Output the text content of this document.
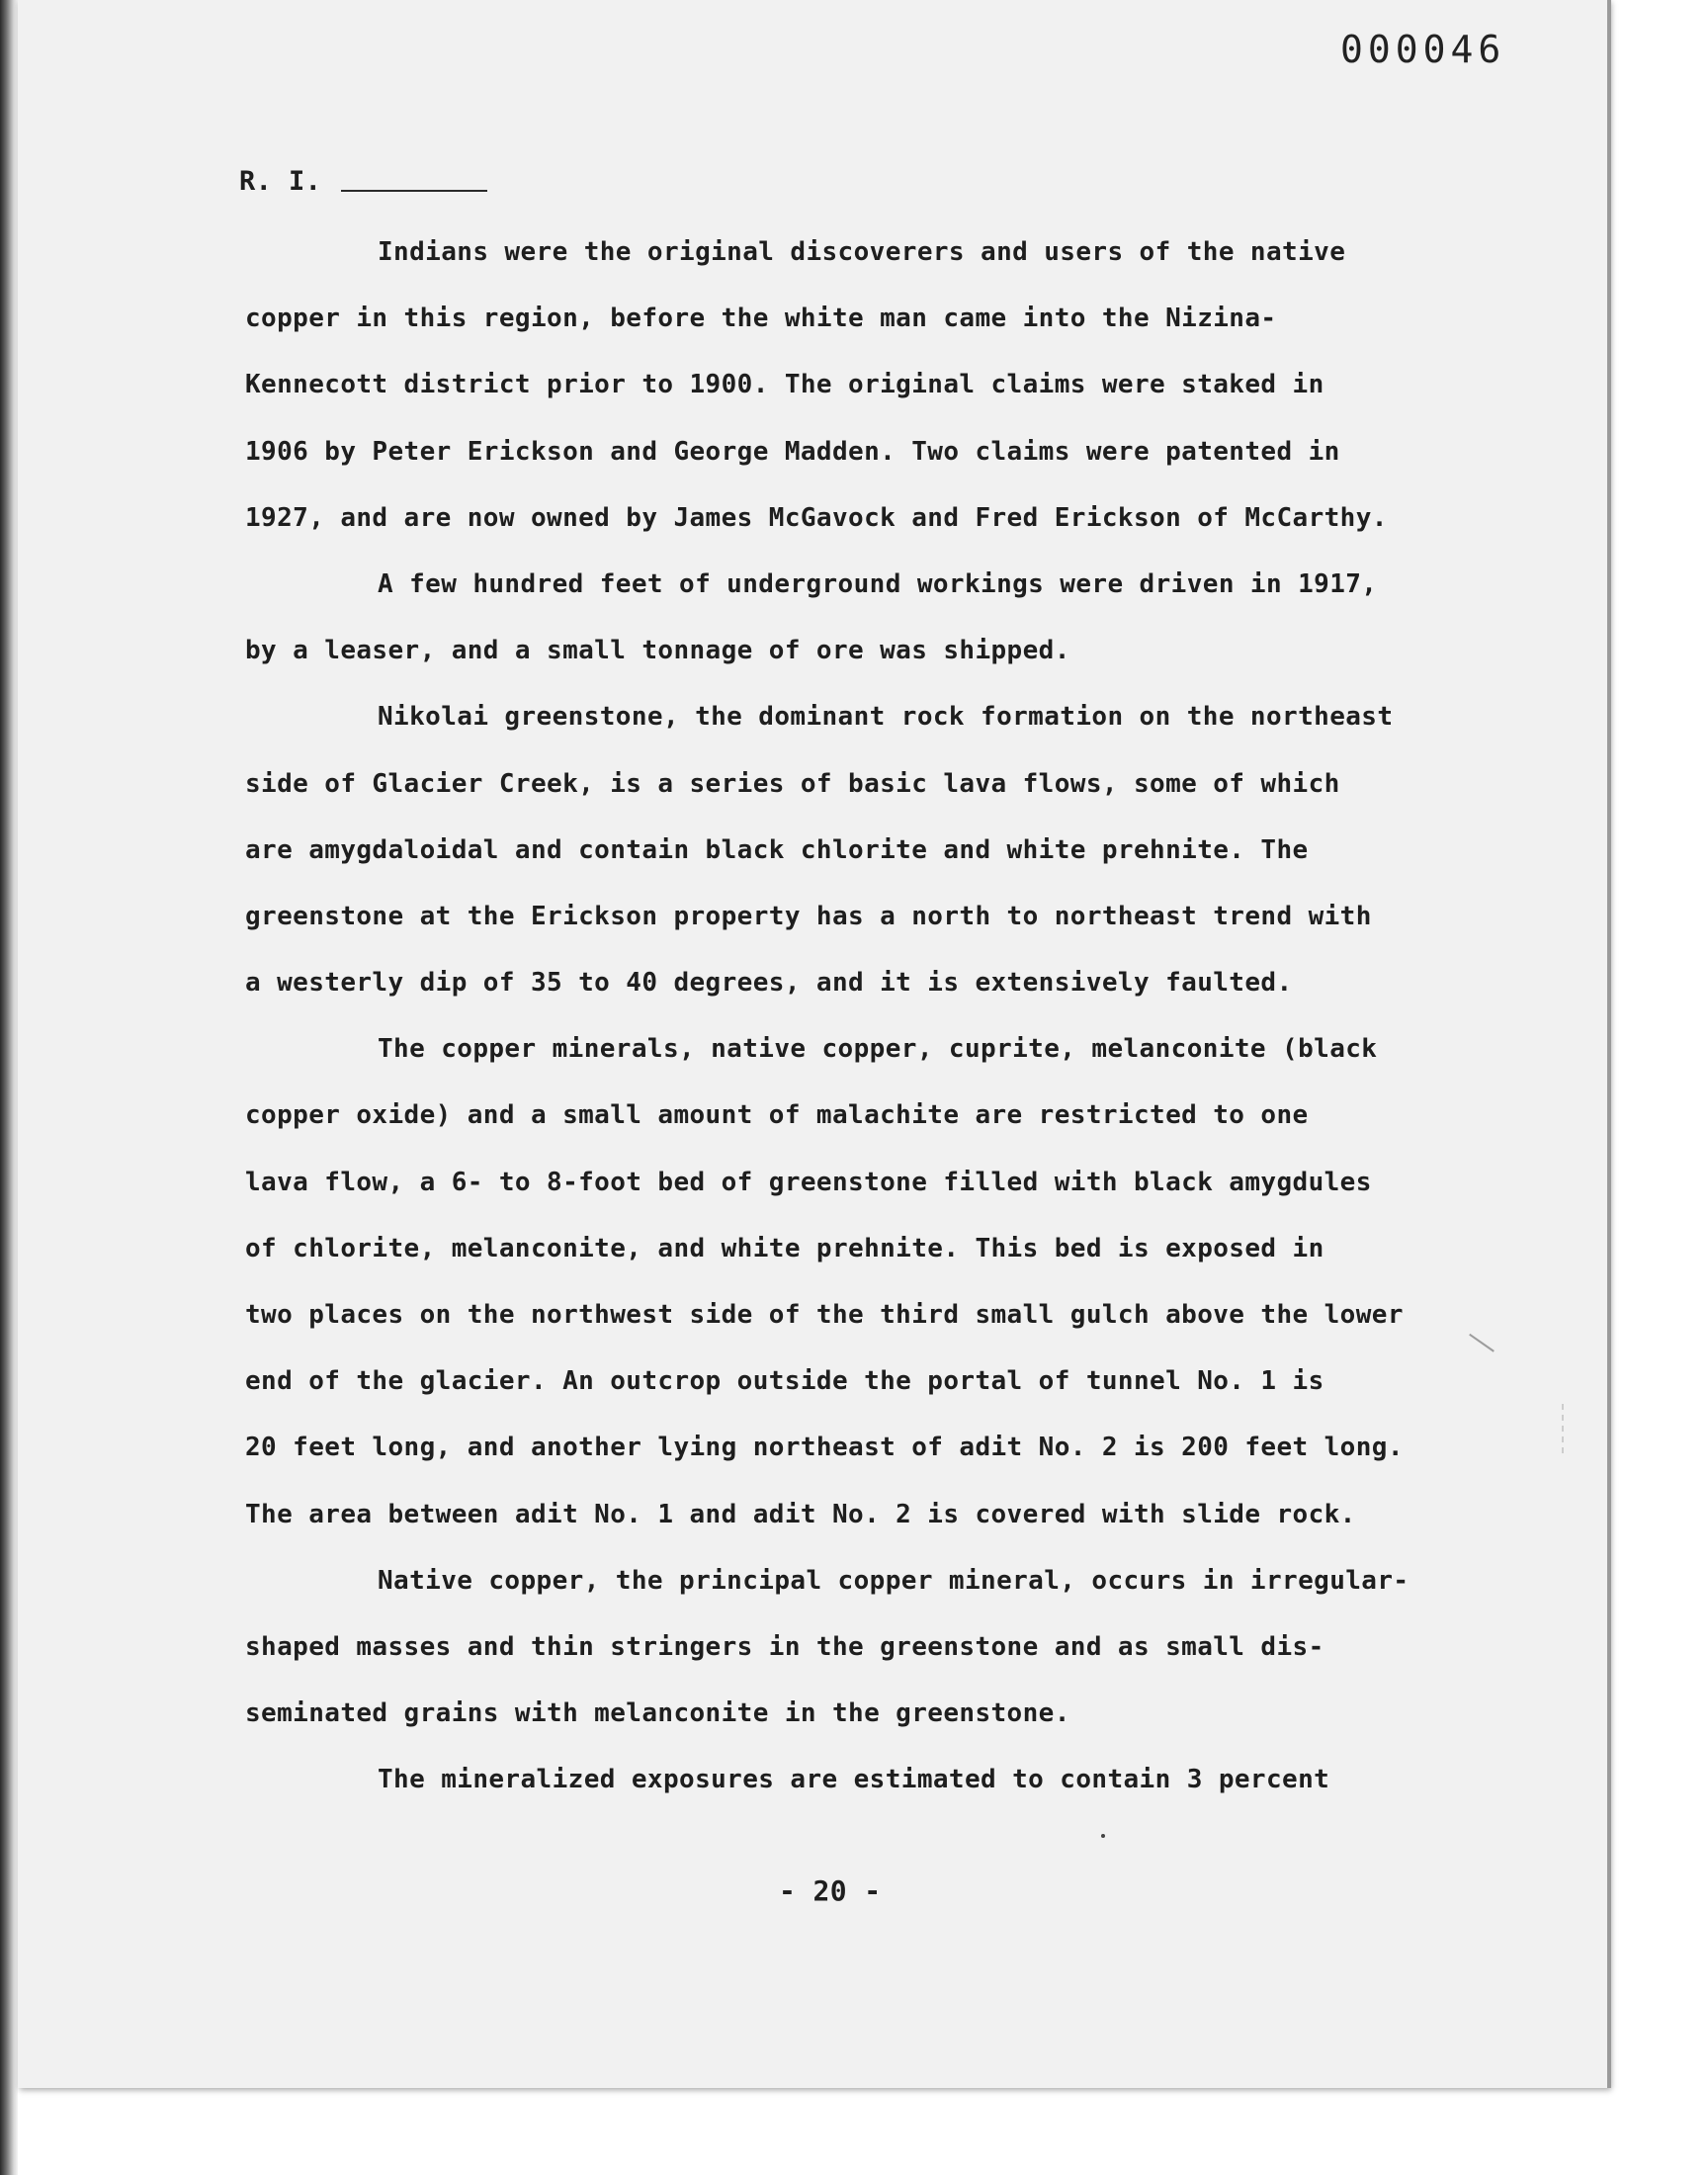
000046
R. I.
Indians were the original discoverers and users of the native
copper in this region, before the white man came into the Nizina-
Kennecott district prior to 1900. The original claims were staked in
1906 by Peter Erickson and George Madden. Two claims were patented in
1927, and are now owned by James McGavock and Fred Erickson of McCarthy.
A few hundred feet of underground workings were driven in 1917,
by a leaser, and a small tonnage of ore was shipped.
Nikolai greenstone, the dominant rock formation on the northeast
side of Glacier Creek, is a series of basic lava flows, some of which
are amygdaloidal and contain black chlorite and white prehnite. The
greenstone at the Erickson property has a north to northeast trend with
a westerly dip of 35 to 40 degrees, and it is extensively faulted.
The copper minerals, native copper, cuprite, melanconite (black
copper oxide) and a small amount of malachite are restricted to one
lava flow, a 6- to 8-foot bed of greenstone filled with black amygdules
of chlorite, melanconite, and white prehnite. This bed is exposed in
two places on the northwest side of the third small gulch above the lower
end of the glacier. An outcrop outside the portal of tunnel No. 1 is
20 feet long, and another lying northeast of adit No. 2 is 200 feet long.
The area between adit No. 1 and adit No. 2 is covered with slide rock.
Native copper, the principal copper mineral, occurs in irregular-
shaped masses and thin stringers in the greenstone and as small dis-
seminated grains with melanconite in the greenstone.
The mineralized exposures are estimated to contain 3 percent
- 20 -
